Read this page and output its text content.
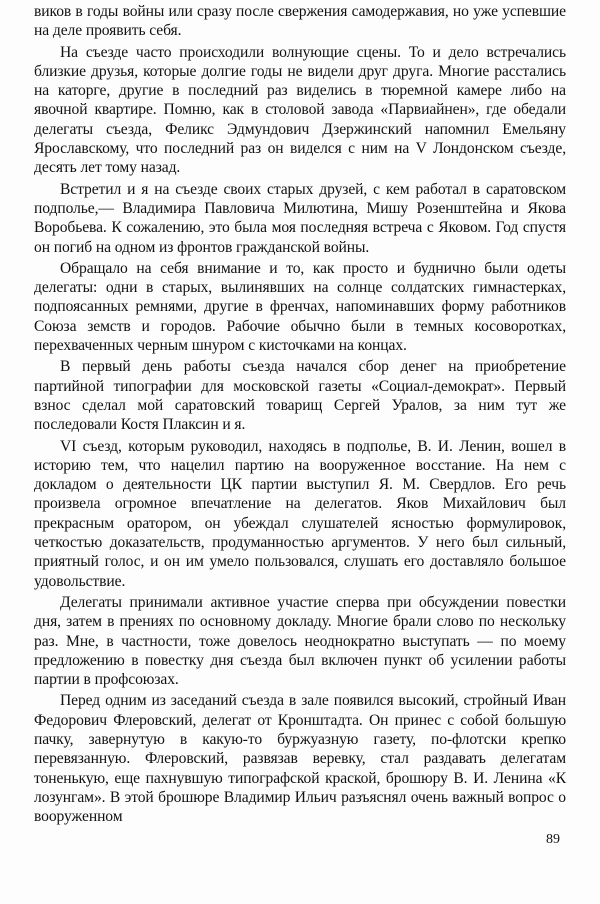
виков в годы войны или сразу после свержения самодержавия, но уже успевшие на деле проявить себя.

На съезде часто происходили волнующие сцены. То и дело встречались близкие друзья, которые долгие годы не видели друг друга. Многие расстались на каторге, другие в последний раз виделись в тюремной камере либо на явочной квартире. Помню, как в столовой завода «Парвиайнен», где обедали делегаты съезда, Феликс Эдмундович Дзержинский напомнил Емельяну Ярославскому, что последний раз он виделся с ним на V Лондонском съезде, десять лет тому назад.

Встретил и я на съезде своих старых друзей, с кем работал в саратовском подполье,— Владимира Павловича Милютина, Мишу Розенштейна и Якова Воробьева. К сожалению, это была моя последняя встреча с Яковом. Год спустя он погиб на одном из фронтов гражданской войны.

Обращало на себя внимание и то, как просто и буднично были одеты делегаты: одни в старых, вылинявших на солнце солдатских гимнастерках, подпоясанных ремнями, другие в френчах, напоминавших форму работников Союза земств и городов. Рабочие обычно были в темных косоворотках, перехваченных черным шнуром с кисточками на концах.

В первый день работы съезда начался сбор денег на приобретение партийной типографии для московской газеты «Социал-демократ». Первый взнос сделал мой саратовский товарищ Сергей Уралов, за ним тут же последовали Костя Плаксин и я.

VI съезд, которым руководил, находясь в подполье, В. И. Ленин, вошел в историю тем, что нацелил партию на вооруженное восстание. На нем с докладом о деятельности ЦК партии выступил Я. М. Свердлов. Его речь произвела огромное впечатление на делегатов. Яков Михайлович был прекрасным оратором, он убеждал слушателей ясностью формулировок, четкостью доказательств, продуманностью аргументов. У него был сильный, приятный голос, и он им умело пользовался, слушать его доставляло большое удовольствие.

Делегаты принимали активное участие сперва при обсуждении повестки дня, затем в прениях по основному докладу. Многие брали слово по нескольку раз. Мне, в частности, тоже довелось неоднократно выступать — по моему предложению в повестку дня съезда был включен пункт об усилении работы партии в профсоюзах.

Перед одним из заседаний съезда в зале появился высокий, стройный Иван Федорович Флеровский, делегат от Кронштадта. Он принес с собой большую пачку, завернутую в какую-то буржуазную газету, по-флотски крепко перевязанную. Флеровский, развязав веревку, стал раздавать делегатам тоненькую, еще пахнувшую типографской краской, брошюру В. И. Ленина «К лозунгам». В этой брошюре Владимир Ильич разъяснял очень важный вопрос о вооруженном

89
